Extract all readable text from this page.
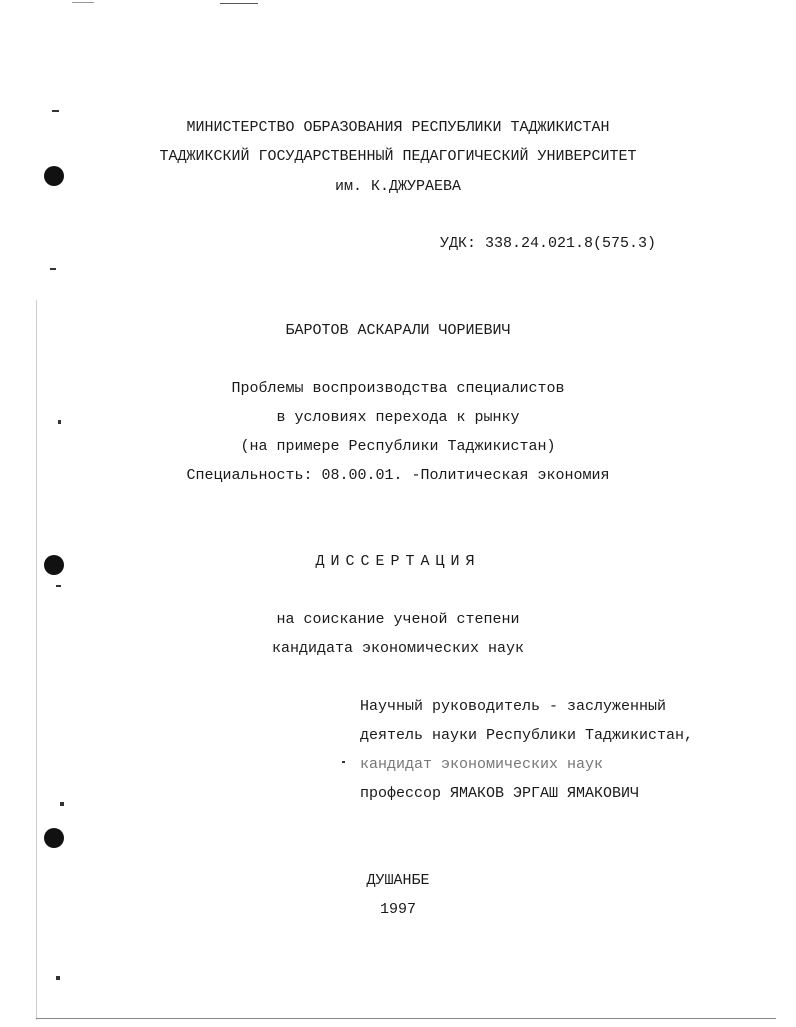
МИНИСТЕРСТВО ОБРАЗОВАНИЯ РЕСПУБЛИКИ ТАДЖИКИСТАН
ТАДЖИКСКИЙ ГОСУДАРСТВЕННЫЙ ПЕДАГОГИЧЕСКИЙ УНИВЕРСИТЕТ
им. К.ДЖУРАЕВА
УДК: 338.24.021.8(575.3)
БАРОТОВ АСКАРАЛИ ЧОРИЕВИЧ
Проблемы воспроизводства специалистов
в условиях перехода к рынку
(на примере Республики Таджикистан)
Специальность: 08.00.01. -Политическая экономия
ДИССЕРТАЦИЯ
на соискание ученой степени
кандидата экономических наук
Научный руководитель - заслуженный
деятель науки Республики Таджикистан,
кандидат экономических наук
профессор ЯМАКОВ ЭРГАШ ЯМАКОВИЧ
ДУШАНБЕ
1997
